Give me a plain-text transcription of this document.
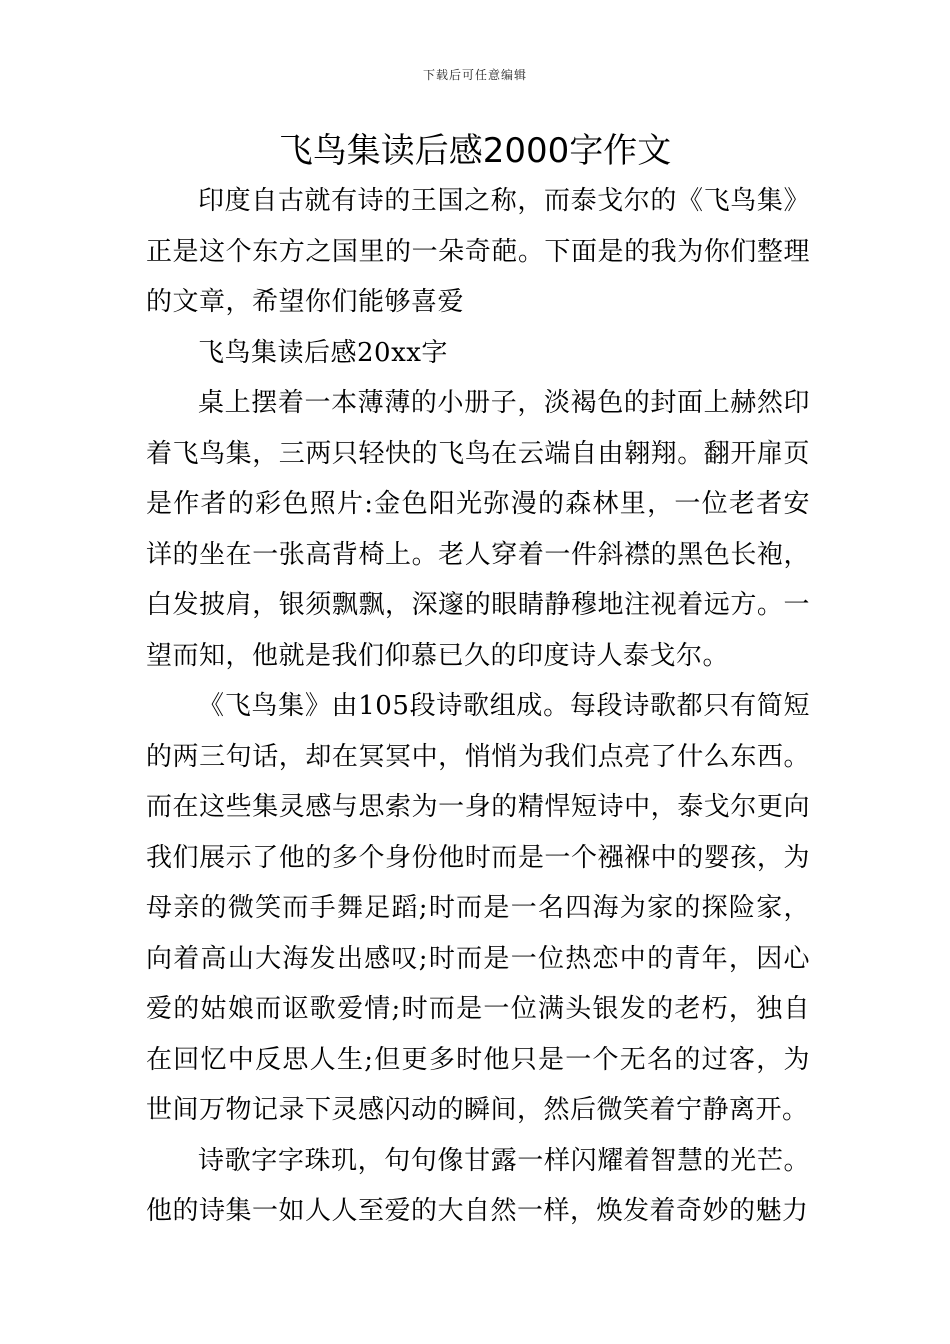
下载后可任意编辑
飞鸟集读后感2000字作文

印度自古就有诗的王国之称，而泰戈尔的《飞鸟集》正是这个东方之国里的一朵奇葩。下面是的我为你们整理的文章，希望你们能够喜爱

飞鸟集读后感20xx字

桌上摆着一本薄薄的小册子，淡褐色的封面上赫然印着飞鸟集，三两只轻快的飞鸟在云端自由翱翔。翻开扉页是作者的彩色照片:金色阳光弥漫的森林里，一位老者安详的坐在一张高背椅上。老人穿着一件斜襟的黑色长袍，白发披肩，银须飘飘，深邃的眼睛静穆地注视着远方。一望而知，他就是我们仰慕已久的印度诗人泰戈尔。

《飞鸟集》由105段诗歌组成。每段诗歌都只有简短的两三句话，却在冥冥中，悄悄为我们点亮了什么东西。而在这些集灵感与思索为一身的精悍短诗中，泰戈尔更向我们展示了他的多个身份他时而是一个襁褓中的婴孩，为母亲的微笑而手舞足蹈;时而是一名四海为家的探险家，向着高山大海发出感叹;时而是一位热恋中的青年，因心爱的姑娘而讴歌爱情;时而是一位满头银发的老朽，独自在回忆中反思人生;但更多时他只是一个无名的过客，为世间万物记录下灵感闪动的瞬间，然后微笑着宁静离开。

诗歌字字珠玑，句句像甘露一样闪耀着智慧的光芒。他的诗集一如人人至爱的大自然一样，焕发着奇妙的魅力
